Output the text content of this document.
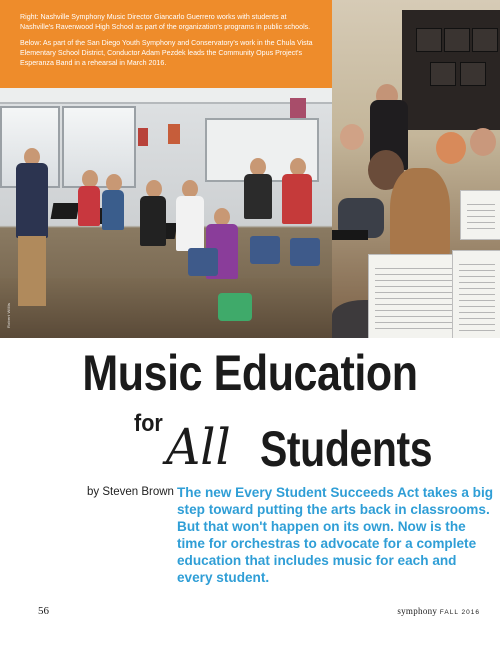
Right: Nashville Symphony Music Director Giancarlo Guerrero works with students at Nashville's Ravenwood High School as part of the organization's programs in public schools.

Below: As part of the San Diego Youth Symphony and Conservatory's work in the Chula Vista Elementary School District, Conductor Adam Pezdek leads the Community Opus Project's Esperanza Band in a rehearsal in March 2016.

Robert Willis
Music Education
for All Students
by Steven Brown The new Every Student Succeeds Act takes a big step toward putting the arts back in classrooms. But that won't happen on its own. Now is the time for orchestras to advocate for a complete education that includes music for each and every student.
56	symphony FALL 2016
